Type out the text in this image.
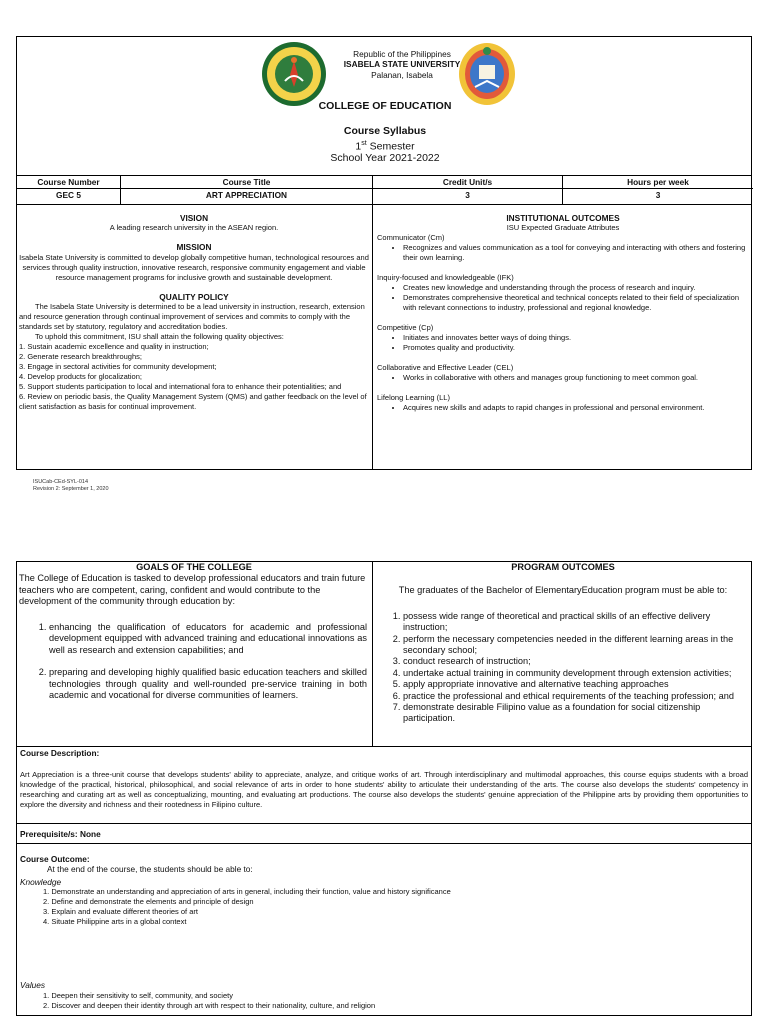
Republic of the Philippines
ISABELA STATE UNIVERSITY
Palanan, Isabela
COLLEGE OF EDUCATION
Course Syllabus
1st Semester
School Year 2021-2022
Course Number	Course Title	Credit Unit/s	Hours per week
GEC 5	ART APPRECIATION	3	3
VISION
A leading research university in the ASEAN region.
MISSION
Isabela State University is committed to develop globally competitive human, technological resources and services through quality instruction, innovative research, responsive community engagement and viable resource management programs for inclusive growth and sustainable development.
QUALITY POLICY
The Isabela State University is determined to be a lead university in instruction, research, extension and resource generation through continual improvement of services and commits to comply with the standards set by statutory, regulatory and accreditation bodies.
To uphold this commitment, ISU shall attain the following quality objectives:
1. Sustain academic excellence and quality in instruction;
2. Generate research breakthroughs;
3. Engage in sectoral activities for community development;
4. Develop products for glocalization;
5. Support students participation to local and international fora to enhance their potentialities; and
6. Review on periodic basis, the Quality Management System (QMS) and gather feedback on the level of client satisfaction as basis for continual improvement.
INSTITUTIONAL OUTCOMES
ISU Expected Graduate Attributes
Communicator (Cm)
• Recognizes and values communication as a tool for conveying and interacting with others and fostering their own learning.
Inquiry-focused and knowledgeable (IFK)
• Creates new knowledge and understanding through the process of research and inquiry.
• Demonstrates comprehensive theoretical and technical concepts related to their field of specialization with relevant connections to industry, professional and regional knowledge.
Competitive (Cp)
• Initiates and innovates better ways of doing things.
• Promotes quality and productivity.
Collaborative and Effective Leader (CEL)
• Works in collaborative with others and manages group functioning to meet common goal.
Lifelong Learning (LL)
• Acquires new skills and adapts to rapid changes in professional and personal environment.
ISUCab-CEd-SYL-014
Revision 2: September 1, 2020
GOALS OF THE COLLEGE
The College of Education is tasked to develop professional educators and train future teachers who are competent, caring, confident and would contribute to the development of the community through education by:
1. enhancing the qualification of educators for academic and professional development equipped with advanced training and educational innovations as well as research and extension capabilities; and
2. preparing and developing highly qualified basic education teachers and skilled technologies through quality and well-rounded pre-service training in both academic and vocational for diverse communities of learners.
PROGRAM OUTCOMES
The graduates of the Bachelor of ElementaryEducation program must be able to:
1. possess wide range of theoretical and practical skills of an effective delivery instruction;
2. perform the necessary competencies needed in the different learning areas in the secondary school;
3. conduct research of instruction;
4. undertake actual training in community development through extension activities;
5. apply appropriate innovative and alternative teaching approaches
6. practice the professional and ethical requirements of the teaching profession; and
7. demonstrate desirable Filipino value as a foundation for social citizenship participation.
Course Description:
Art Appreciation is a three-unit course that develops students' ability to appreciate, analyze, and critique works of art. Through interdisciplinary and multimodal approaches, this course equips students with a broad knowledge of the practical, historical, philosophical, and social relevance of arts in order to hone students' ability to articulate their understanding of the arts. The course also develops the students' competency in researching and curating art as well as conceptualizing, mounting, and evaluating art productions. The course also develops the students' genuine appreciation of the Philippine arts by providing them opportunities to explore the diversity and richness and their rootedness in Filipino culture.
Prerequisite/s: None
Course Outcome:
At the end of the course, the students should be able to:
Knowledge
1. Demonstrate an understanding and appreciation of arts in general, including their function, value and history significance
2. Define and demonstrate the elements and principle of design
3. Explain and evaluate different theories of art
4. Situate Philippine arts in a global context
Values
1. Deepen their sensitivity to self, community, and society
2. Discover and deepen their identity through art with respect to their nationality, culture, and religion
